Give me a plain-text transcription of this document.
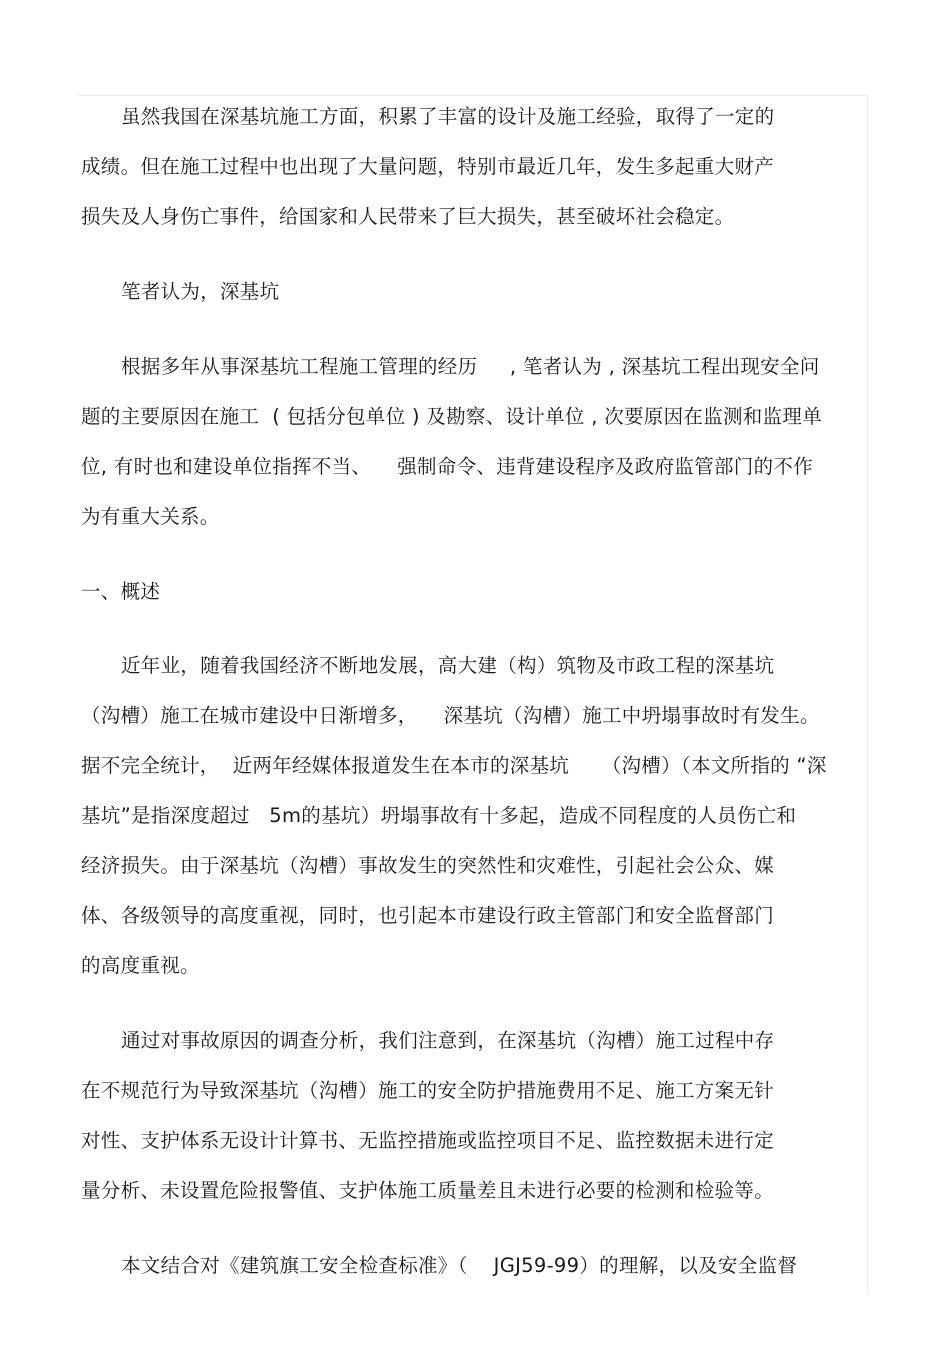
虽然我国在深基坑施工方面，积累了丰富的设计及施工经验，取得了一定的
成绩。但在施工过程中也出现了大量问题，特别市最近几年，发生多起重大财产
损失及人身伤亡事件，给国家和人民带来了巨大损失，甚至破坏社会稳定。
笔者认为，深基坑
根据多年从事深基坑工程施工管理的经历     , 笔者认为 , 深基坑工程出现安全问
题的主要原因在施工  ( 包括分包单位 ) 及勘察、设计单位 , 次要原因在监测和监理单
位, 有时也和建设单位指挥不当、    强制命令、违背建设程序及政府监管部门的不作
为有重大关系。
一、概述
近年业，随着我国经济不断地发展，高大建（构）筑物及市政工程的深基坑
（沟槽）施工在城市建设中日渐增多，    深基坑（沟槽）施工中坍塌事故时有发生。
据不完全统计，  近两年经媒体报道发生在本市的深基坑     （沟槽）（本文所指的 “深
基坑”是指深度超过   5m的基坑）坍塌事故有十多起，造成不同程度的人员伤亡和
经济损失。由于深基坑（沟槽）事故发生的突然性和灾难性，引起社会公众、媒
体、各级领导的高度重视，同时，也引起本市建设行政主管部门和安全监督部门
的高度重视。
通过对事故原因的调查分析，我们注意到，在深基坑（沟槽）施工过程中存
在不规范行为导致深基坑（沟槽）施工的安全防护措施费用不足、施工方案无针
对性、支护体系无设计计算书、无监控措施或监控项目不足、监控数据未进行定
量分析、未设置危险报警值、支护体施工质量差且未进行必要的检测和检验等。
本文结合对《建筑旗工安全检查标准》（    JGJ59-99）的理解，以及安全监督
